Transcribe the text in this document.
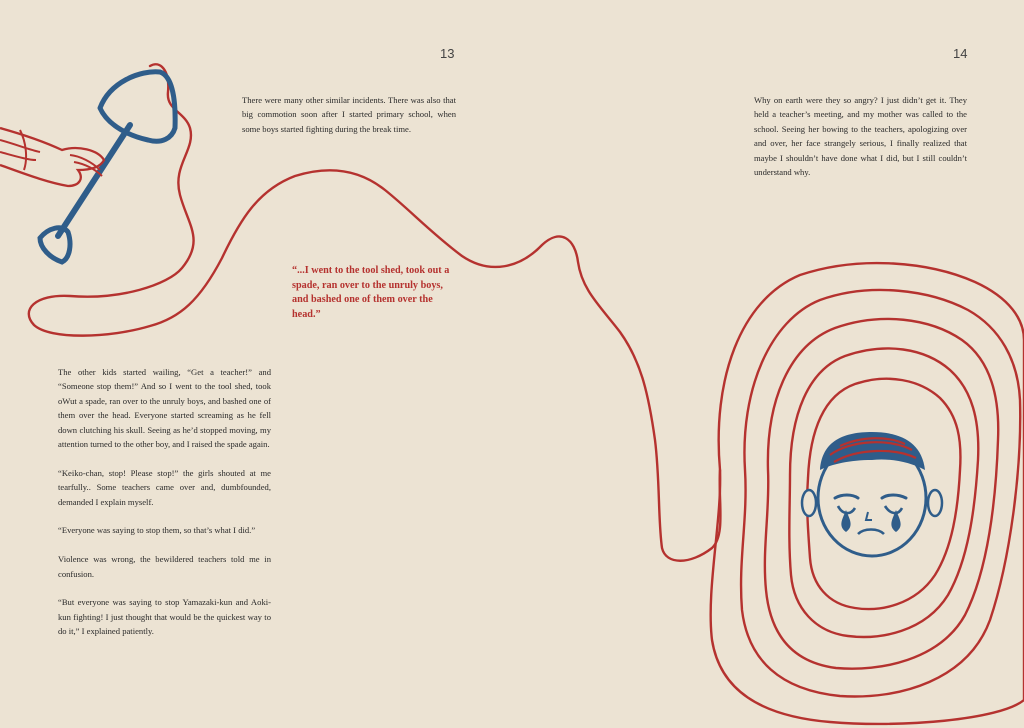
13	14

There were many other similar incidents. There was also that big commotion soon after I started primary school, when some boys started fighting during the break time.

“...I went to the tool shed, took out a spade, ran over to the unruly boys, and bashed one of them over the head.”

The other kids started wailing, “Get a teacher!” and “Someone stop them!” And so I went to the tool shed, took oWut a spade, ran over to the unruly boys, and bashed one of them over the head. Everyone started screaming as he fell down clutching his skull. Seeing as he’d stopped moving, my attention turned to the other boy, and I raised the spade again.

“Keiko-chan, stop! Please stop!” the girls shouted at me tearfully.. Some teachers came over and, dumbfounded, demanded I explain myself.

“Everyone was saying to stop them, so that’s what I did.”

Violence was wrong, the bewildered teachers told me in confusion.

“But everyone was saying to stop Yamazaki-kun and Aoki-kun fighting! I just thought that would be the quickest way to do it,” I explained patiently.

Why on earth were they so angry? I just didn’t get it. They held a teacher’s meeting, and my mother was called to the school. Seeing her bowing to the teachers, apologizing over and over, her face strangely serious, I finally realized that maybe I shouldn’t have done what I did, but I still couldn’t understand why.
